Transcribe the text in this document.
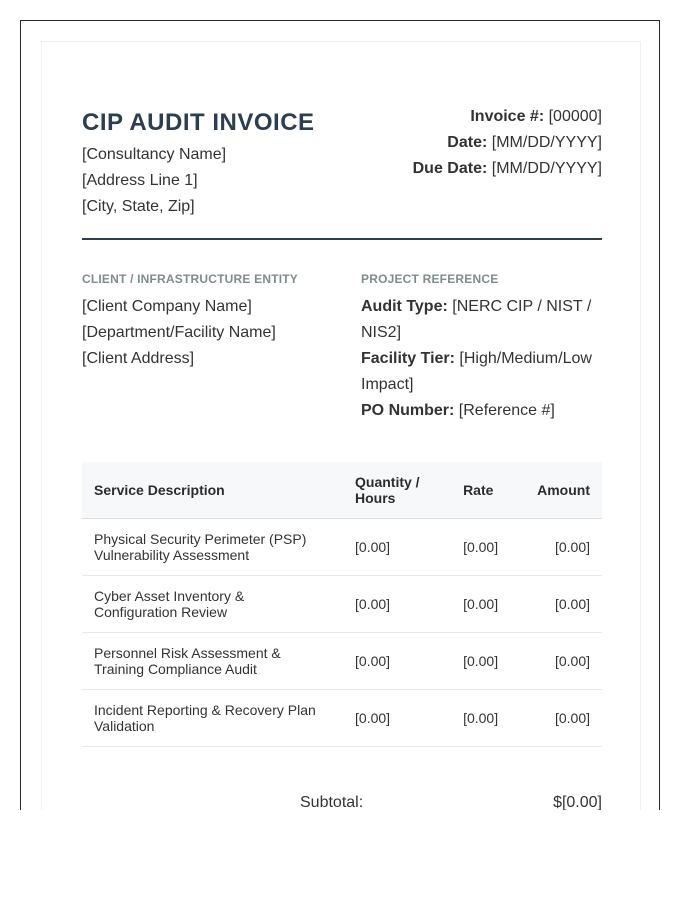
CIP AUDIT INVOICE
[Consultancy Name]
[Address Line 1]
[City, State, Zip]
Invoice #: [00000]
Date: [MM/DD/YYYY]
Due Date: [MM/DD/YYYY]
CLIENT / INFRASTRUCTURE ENTITY
[Client Company Name]
[Department/Facility Name]
[Client Address]
PROJECT REFERENCE
Audit Type: [NERC CIP / NIST / NIS2]
Facility Tier: [High/Medium/Low Impact]
PO Number: [Reference #]
Service Description	Quantity / Hours	Rate	Amount
Physical Security Perimeter (PSP) Vulnerability Assessment	[0.00]	[0.00]	[0.00]
Cyber Asset Inventory & Configuration Review	[0.00]	[0.00]	[0.00]
Personnel Risk Assessment & Training Compliance Audit	[0.00]	[0.00]	[0.00]
Incident Reporting & Recovery Plan Validation	[0.00]	[0.00]	[0.00]
Subtotal:	$[0.00]
